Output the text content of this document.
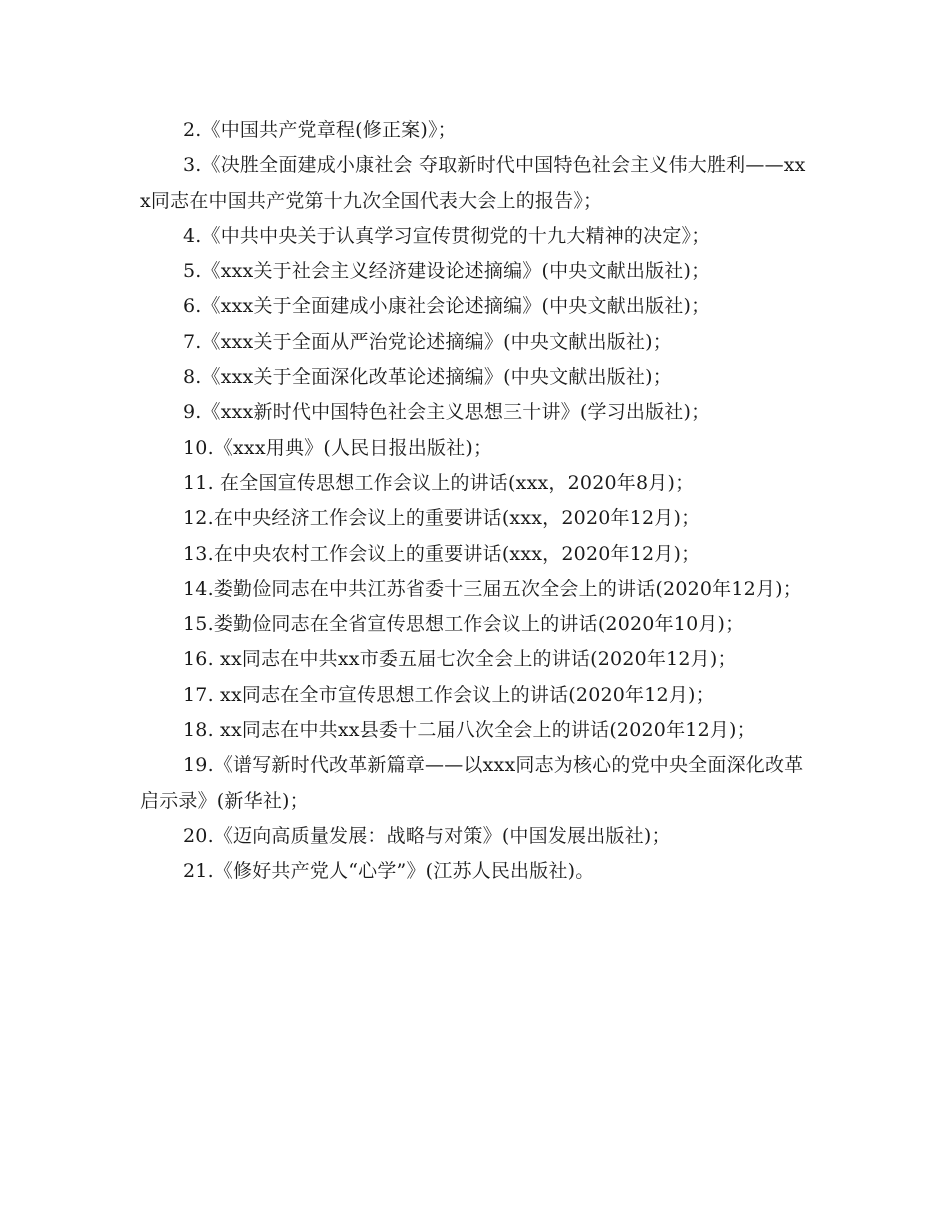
2.《中国共产党章程(修正案)》；

3.《决胜全面建成小康社会 夺取新时代中国特色社会主义伟大胜利——xxx同志在中国共产党第十九次全国代表大会上的报告》；

4.《中共中央关于认真学习宣传贯彻党的十九大精神的决定》；

5.《xxx关于社会主义经济建设论述摘编》(中央文献出版社)；

6.《xxx关于全面建成小康社会论述摘编》(中央文献出版社)；

7.《xxx关于全面从严治党论述摘编》(中央文献出版社)；

8.《xxx关于全面深化改革论述摘编》(中央文献出版社)；

9.《xxx新时代中国特色社会主义思想三十讲》(学习出版社)；

10.《xxx用典》(人民日报出版社)；

11. 在全国宣传思想工作会议上的讲话(xxx，2020年8月)；

12.在中央经济工作会议上的重要讲话(xxx，2020年12月)；

13.在中央农村工作会议上的重要讲话(xxx，2020年12月)；

14.娄勤俭同志在中共江苏省委十三届五次全会上的讲话(2020年12月)；

15.娄勤俭同志在全省宣传思想工作会议上的讲话(2020年10月)；

16. xx同志在中共xx市委五届七次全会上的讲话(2020年12月)；

17. xx同志在全市宣传思想工作会议上的讲话(2020年12月)；

18. xx同志在中共xx县委十二届八次全会上的讲话(2020年12月)；

19.《谱写新时代改革新篇章——以xxx同志为核心的党中央全面深化改革启示录》(新华社)；

20.《迈向高质量发展：战略与对策》(中国发展出版社)；

21.《修好共产党人“心学”》(江苏人民出版社)。
